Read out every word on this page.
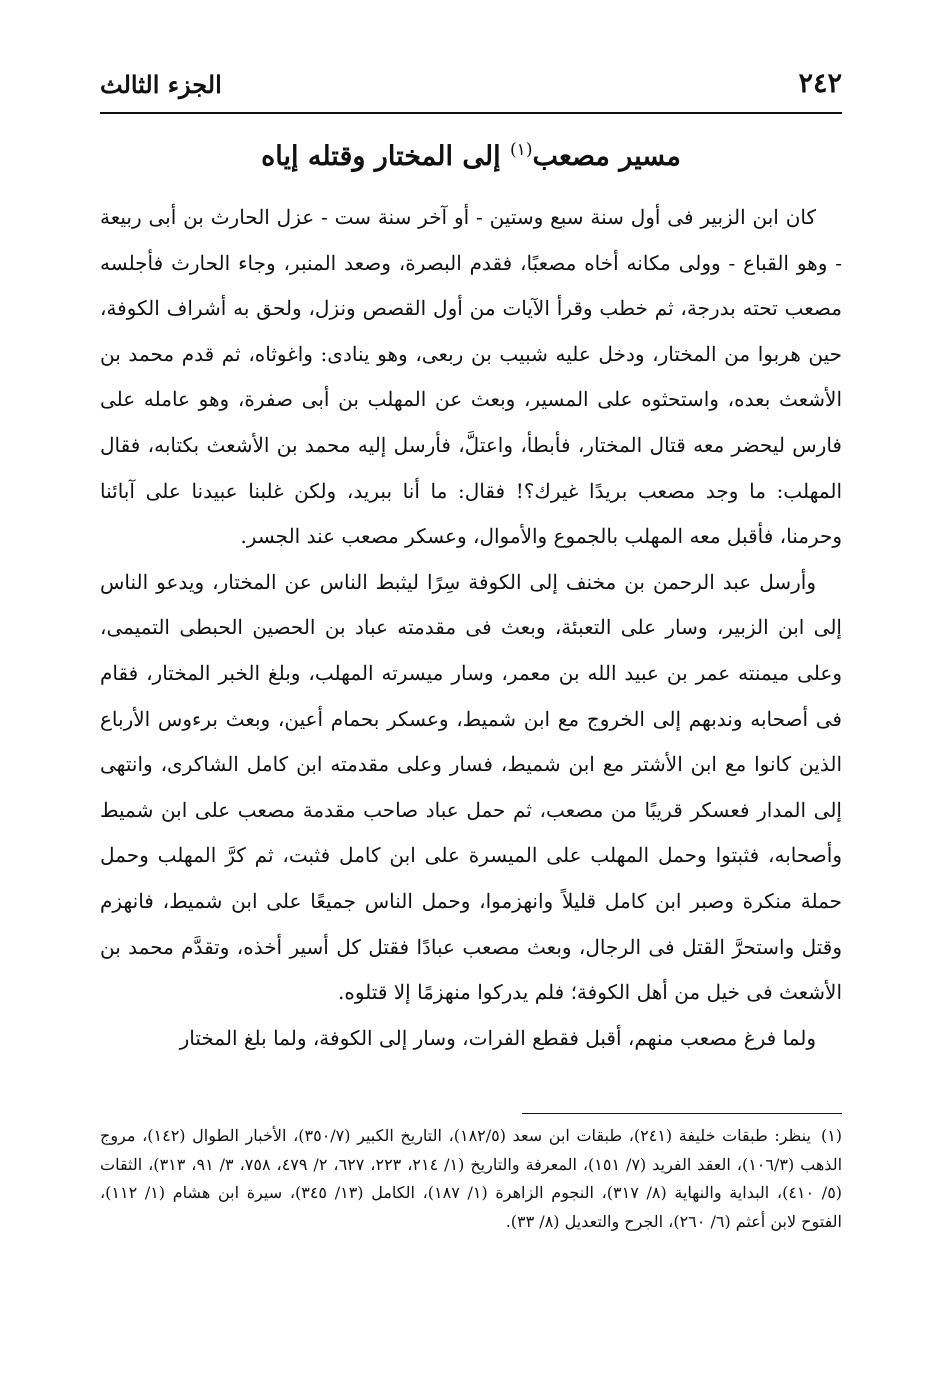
٢٤٢
الجزء الثالث
مسير مصعب$^{(١)}$ إلى المختار وقتله إياه

كان ابن الزبير فى أول سنة سبع وستين - أو آخر سنة ست - عزل الحارث بن أبى ربيعة - وهو القباع - وولى مكانه أخاه مصعبًا، فقدم البصرة، وصعد المنبر، وجاء الحارث فأجلسه مصعب تحته بدرجة، ثم خطب وقرأ الآيات من أول القصص ونزل، ولحق به أشراف الكوفة، حين هربوا من المختار، ودخل عليه شبيب بن ربعى، وهو ينادى: واغوثاه، ثم قدم محمد بن الأشعث بعده، واستحثوه على المسير، وبعث عن المهلب بن أبى صفرة، وهو عامله على فارس ليحضر معه قتال المختار، فأبطأ، واعتلَّ، فأرسل إليه محمد بن الأشعث بكتابه، فقال المهلب: ما وجد مصعب بريدًا غيرك؟! فقال: ما أنا ببريد، ولكن غلبنا عبيدنا على آبائنا وحرمنا، فأقبل معه المهلب بالجموع والأموال، وعسكر مصعب عند الجسر.

وأرسل عبد الرحمن بن مخنف إلى الكوفة سِرًا ليثبط الناس عن المختار، ويدعو الناس إلى ابن الزبير، وسار على التعبئة، وبعث فى مقدمته عباد بن الحصين الحبطى التميمى، وعلى ميمنته عمر بن عبيد الله بن معمر، وسار ميسرته المهلب، وبلغ الخبر المختار، فقام فى أصحابه وندبهم إلى الخروج مع ابن شميط، وعسكر بحمام أعين، وبعث برءوس الأرباع الذين كانوا مع ابن الأشتر مع ابن شميط، فسار وعلى مقدمته ابن كامل الشاكرى، وانتهى إلى المدار فعسكر قريبًا من مصعب، ثم حمل عباد صاحب مقدمة مصعب على ابن شميط وأصحابه، فثبتوا وحمل المهلب على الميسرة على ابن كامل فثبت، ثم كرَّ المهلب وحمل حملة منكرة وصبر ابن كامل قليلاً وانهزموا، وحمل الناس جميعًا على ابن شميط، فانهزم وقتل واستحرَّ القتل فى الرجال، وبعث مصعب عبادًا فقتل كل أسير أخذه، وتقدَّم محمد بن الأشعث فى خيل من أهل الكوفة؛ فلم يدركوا منهزمًا إلا قتلوه.

ولما فرغ مصعب منهم، أقبل فقطع الفرات، وسار إلى الكوفة، ولما بلغ المختار

(١)ينظر: طبقات خليفة (٢٤١)، طبقات ابن سعد (١٨٢/٥)، التاريخ الكبير (٣٥٠/٧)، الأخبار الطوال (١٤٢)، مروج الذهب (١٠٦/٣)، العقد الفريد (٧/ ١٥١)، المعرفة والتاريخ (١/ ٢١٤، ٢٢٣، ٦٢٧، ٢/ ٤٧٩، ٧٥٨، ٣/ ٩١، ٣١٣)، الثقات (٥/ ٤١٠)، البداية والنهاية (٨/ ٣١٧)، النجوم الزاهرة (١/ ١٨٧)، الكامل (١٣/ ٣٤٥)، سيرة ابن هشام (١/ ١١٢)، الفتوح لابن أعثم (٦/ ٢٦٠)، الجرح والتعديل (٨/ ٣٣).
